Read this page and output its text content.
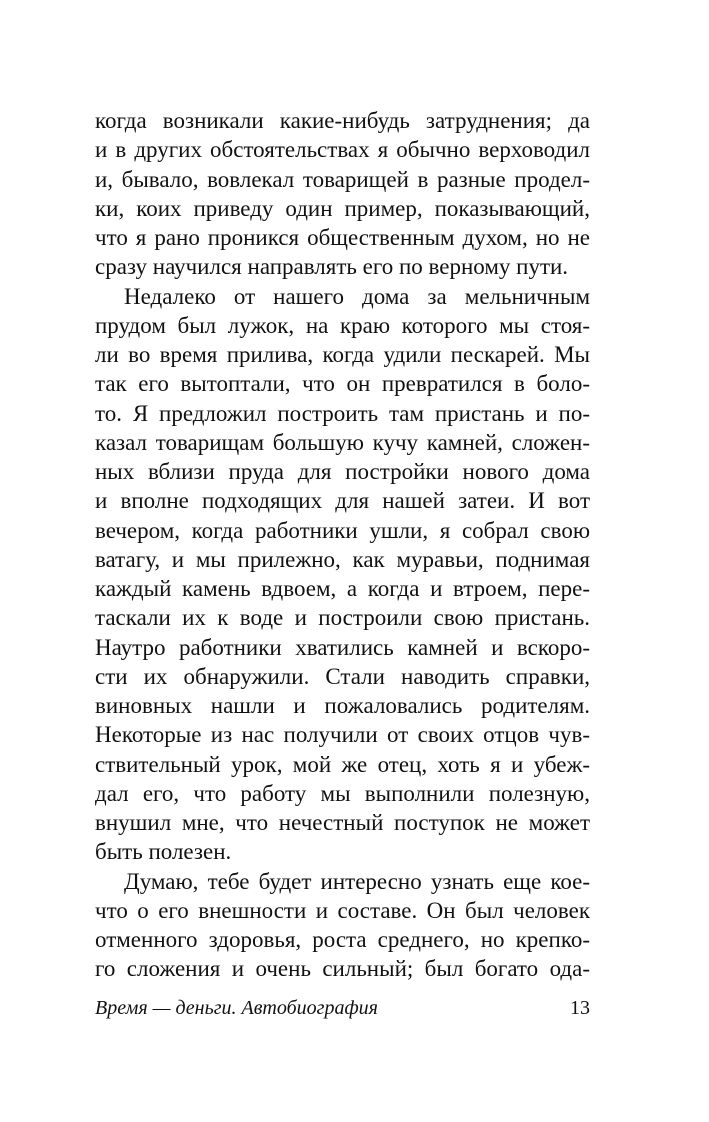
когда возникали какие-нибудь затруднения; да
и в других обстоятельствах я обычно верховодил
и, бывало, вовлекал товарищей в разные продел-
ки, коих приведу один пример, показывающий,
что я рано проникся общественным духом, но не
сразу научился направлять его по верному пути.
Недалеко от нашего дома за мельничным
прудом был лужок, на краю которого мы стоя-
ли во время прилива, когда удили пескарей. Мы
так его вытоптали, что он превратился в боло-
то. Я предложил построить там пристань и по-
казал товарищам большую кучу камней, сложен-
ных вблизи пруда для постройки нового дома
и вполне подходящих для нашей затеи. И вот
вечером, когда работники ушли, я собрал свою
ватагу, и мы прилежно, как муравьи, поднимая
каждый камень вдвоем, а когда и втроем, пере-
таскали их к воде и построили свою пристань.
Наутро работники хватились камней и вскоро-
сти их обнаружили. Стали наводить справки,
виновных нашли и пожаловались родителям.
Некоторые из нас получили от своих отцов чув-
ствительный урок, мой же отец, хоть я и убеж-
дал его, что работу мы выполнили полезную,
внушил мне, что нечестный поступок не может
быть полезен.
Думаю, тебе будет интересно узнать еще кое-
что о его внешности и составе. Он был человек
отменного здоровья, роста среднего, но крепко-
го сложения и очень сильный; был богато ода-
Время — деньги. Автобиография	13
